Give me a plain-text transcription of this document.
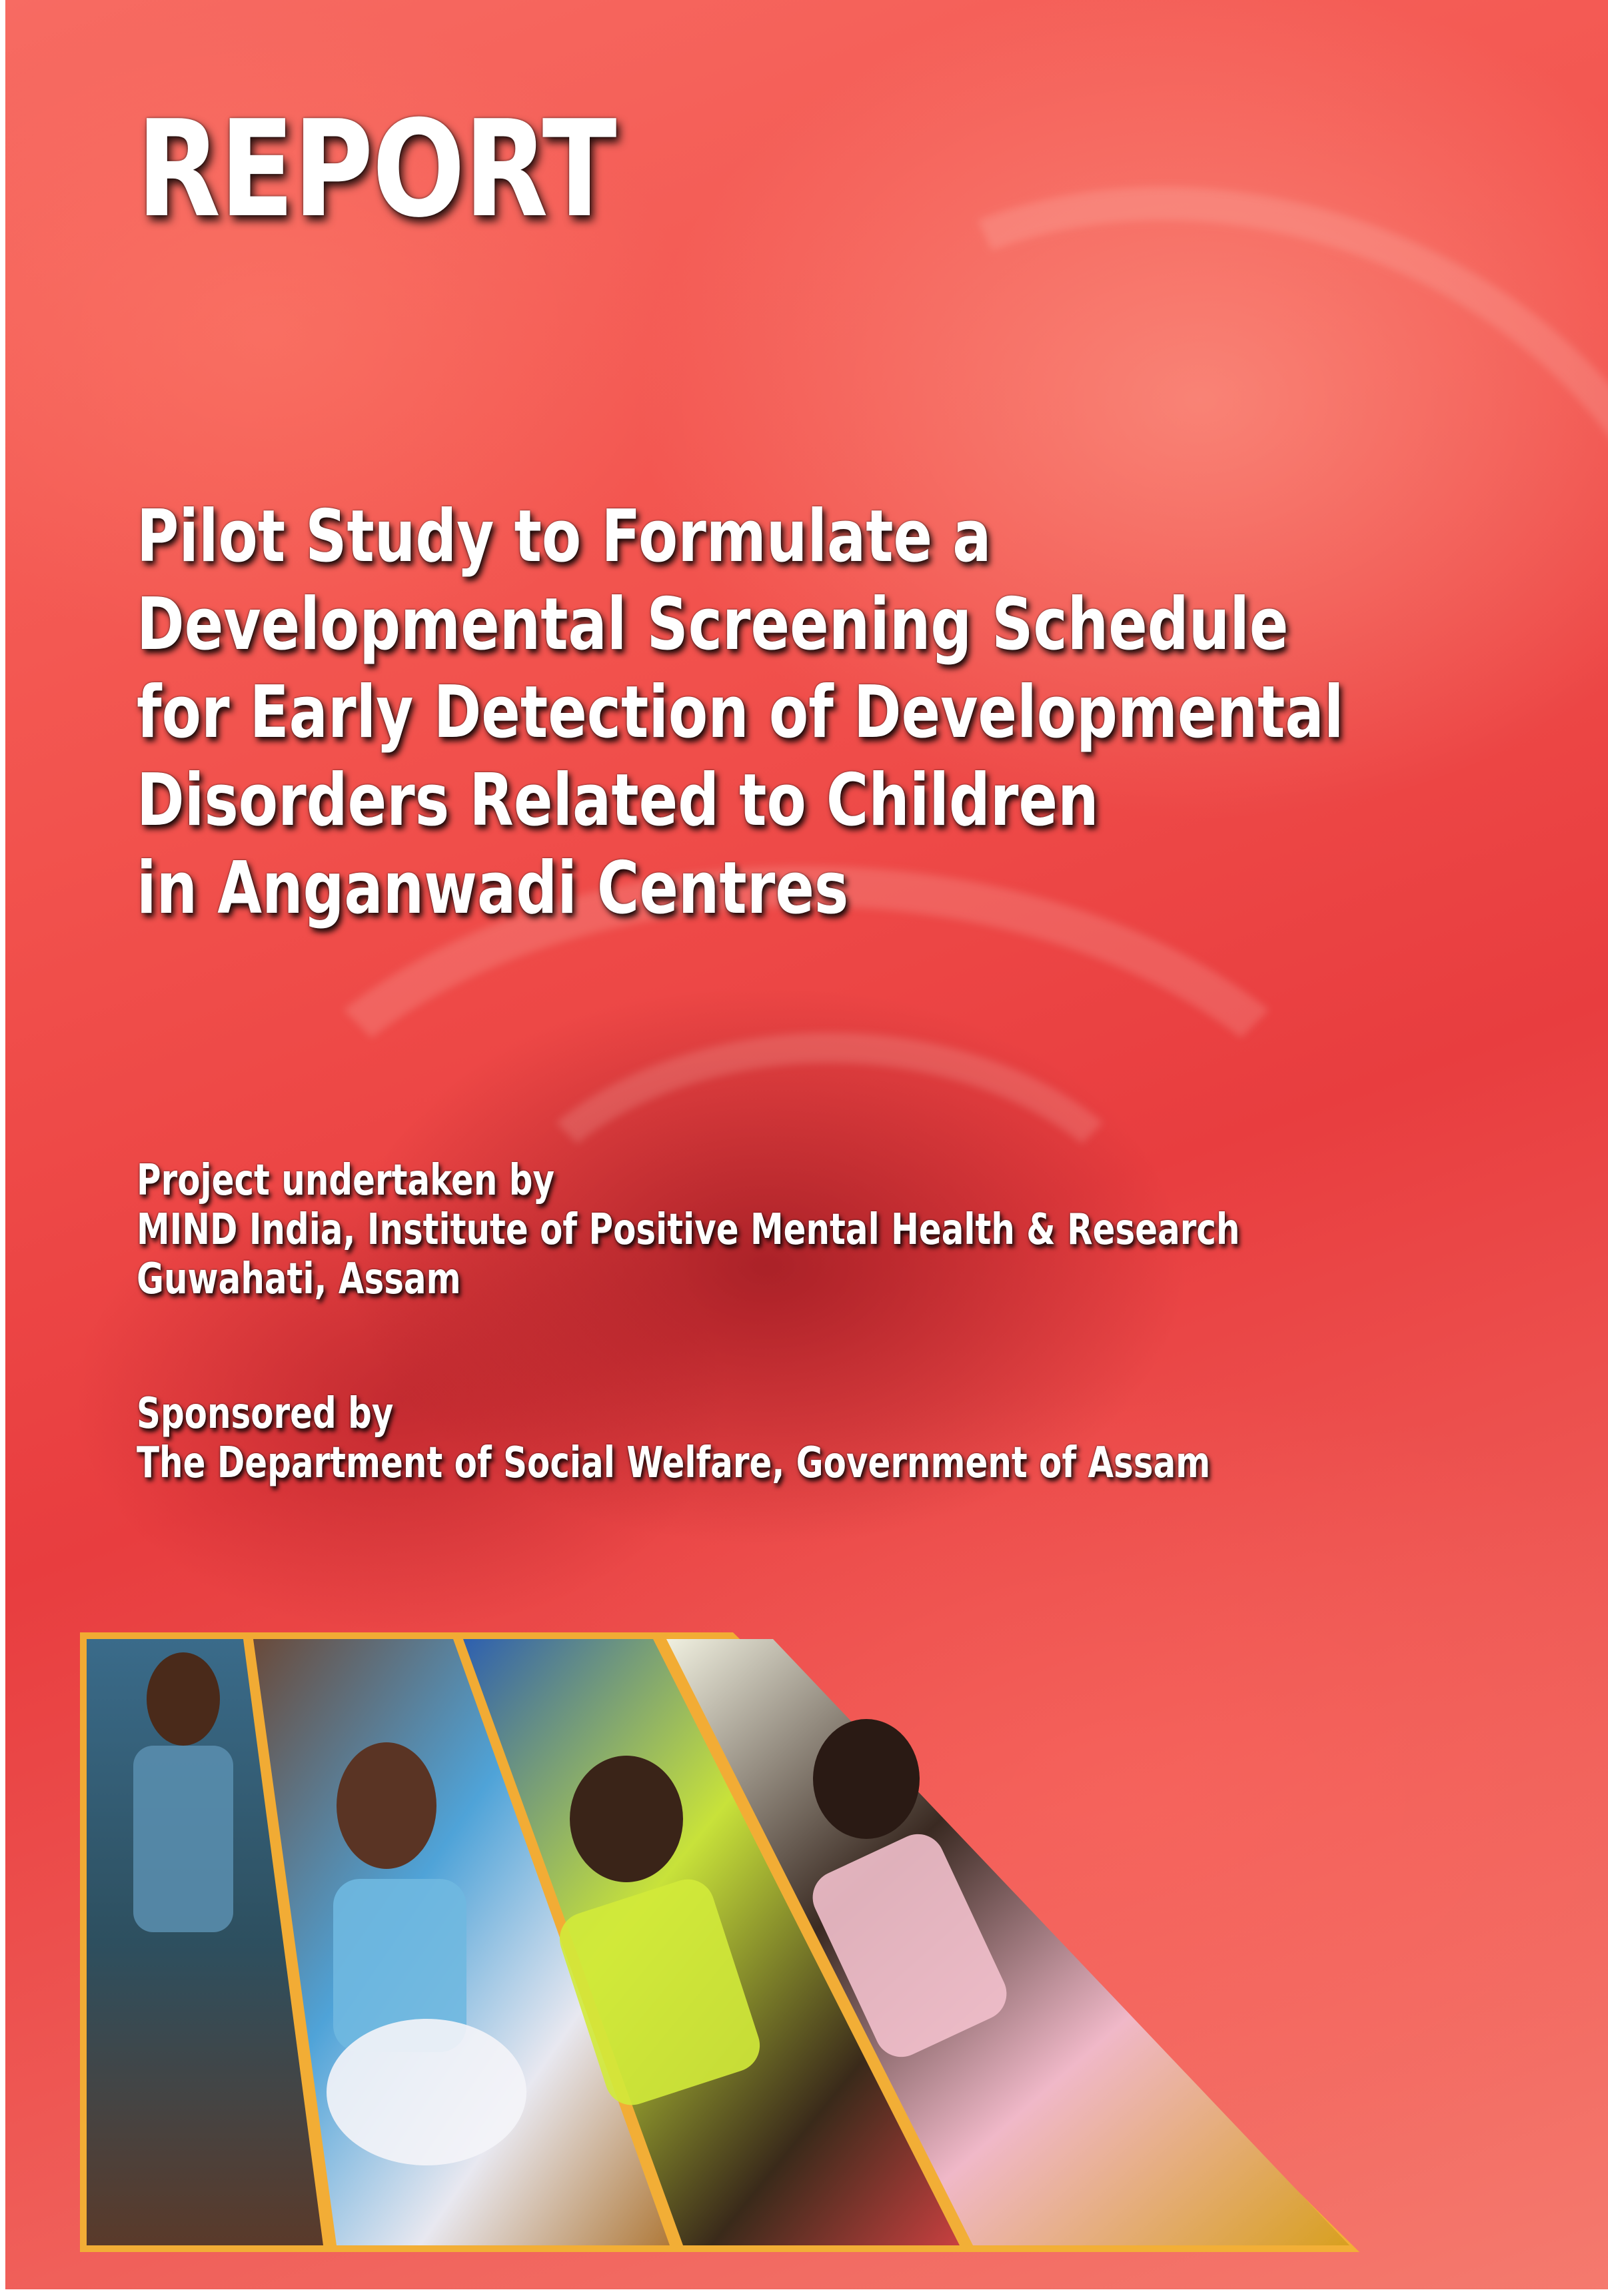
REPORT
Pilot Study to Formulate a
Developmental Screening Schedule
for Early Detection of Developmental
Disorders Related to Children
in Anganwadi Centres
Project undertaken by
MIND India, Institute of Positive Mental Health & Research
Guwahati, Assam
Sponsored by
The Department of Social Welfare, Government of Assam
